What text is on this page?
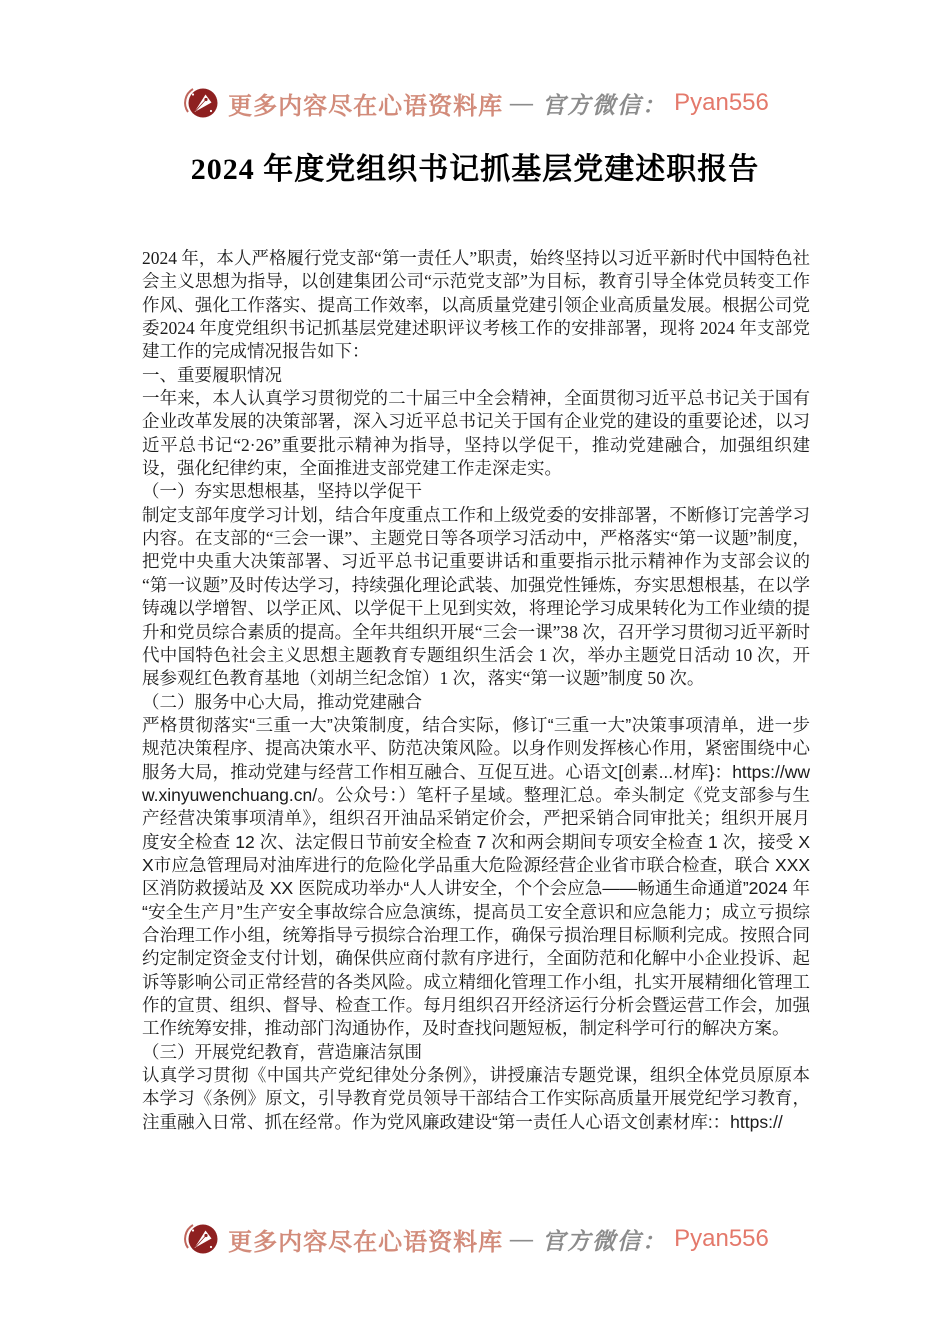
更多内容尽在心语资料库 — 官方微信： Pyan556
2024 年度党组织书记抓基层党建述职报告

2024 年，本人严格履行党支部“第一责任人”职责，始终坚持以习近平新时代中国特色社会主义思想为指导，以创建集团公司“示范党支部”为目标，教育引导全体党员转变工作作风、强化工作落实、提高工作效率，以高质量党建引领企业高质量发展。根据公司党委2024 年度党组织书记抓基层党建述职评议考核工作的安排部署，现将 2024 年支部党建工作的完成情况报告如下：

一、重要履职情况

一年来，本人认真学习贯彻党的二十届三中全会精神，全面贯彻习近平总书记关于国有企业改革发展的决策部署，深入习近平总书记关于国有企业党的建设的重要论述，以习近平总书记“2·26”重要批示精神为指导，坚持以学促干，推动党建融合，加强组织建设，强化纪律约束，全面推进支部党建工作走深走实。

（一）夯实思想根基，坚持以学促干

制定支部年度学习计划，结合年度重点工作和上级党委的安排部署，不断修订完善学习内容。在支部的“三会一课”、主题党日等各项学习活动中，严格落实“第一议题”制度，把党中央重大决策部署、习近平总书记重要讲话和重要指示批示精神作为支部会议的“第一议题”及时传达学习，持续强化理论武装、加强党性锤炼，夯实思想根基，在以学铸魂以学增智、以学正风、以学促干上见到实效，将理论学习成果转化为工作业绩的提升和党员综合素质的提高。全年共组织开展“三会一课”38 次，召开学习贯彻习近平新时代中国特色社会主义思想主题教育专题组织生活会 1 次，举办主题党日活动 10 次，开展参观红色教育基地（刘胡兰纪念馆）1 次，落实“第一议题”制度 50 次。

（二）服务中心大局，推动党建融合

严格贯彻落实“三重一大”决策制度，结合实际，修订“三重一大”决策事项清单，进一步规范决策程序、提高决策水平、防范决策风险。以身作则发挥核心作用，紧密围绕中心服务大局，推动党建与经营工作相互融合、互促互进。心语文[创素...材库}：https://www.xinyuwenchuang.cn/。公众号：）笔杆子星域。整理汇总。牵头制定《党支部参与生产经营决策事项清单》，组织召开油品采销定价会，严把采销合同审批关；组织开展月度安全检查 12 次、法定假日节前安全检查 7 次和两会期间专项安全检查 1 次，接受 XX市应急管理局对油库进行的危险化学品重大危险源经营企业省市联合检查，联合 XXX 区消防救援站及 XX 医院成功举办“人人讲安全，个个会应急——畅通生命通道”2024 年“安全生产月”生产安全事故综合应急演练，提高员工安全意识和应急能力；成立亏损综合治理工作小组，统筹指导亏损综合治理工作，确保亏损治理目标顺利完成。按照合同约定制定资金支付计划，确保供应商付款有序进行，全面防范和化解中小企业投诉、起诉等影响公司正常经营的各类风险。成立精细化管理工作小组，扎实开展精细化管理工作的宣贯、组织、督导、检查工作。每月组织召开经济运行分析会暨运营工作会，加强工作统筹安排，推动部门沟通协作，及时查找问题短板，制定科学可行的解决方案。

（三）开展党纪教育，营造廉洁氛围

认真学习贯彻《中国共产党纪律处分条例》，讲授廉洁专题党课，组织全体党员原原本本学习《条例》原文，引导教育党员领导干部结合工作实际高质量开展党纪学习教育，注重融入日常、抓在经常。作为党风廉政建设“第一责任人心语文创素材库:：https://

更多内容尽在心语资料库 — 官方微信： Pyan556
